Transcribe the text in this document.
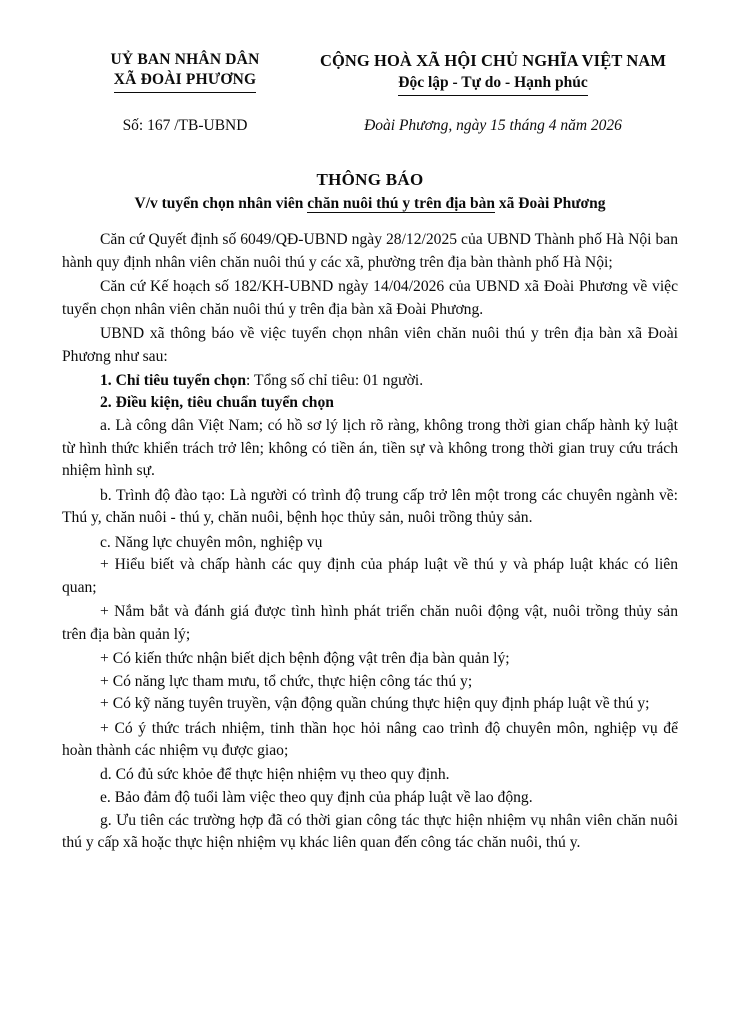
UỶ BAN NHÂN DÂN
XÃ ĐOÀI PHƯƠNG
CỘNG HOÀ XÃ HỘI CHỦ NGHĨA VIỆT NAM
Độc lập - Tự do - Hạnh phúc
Số: 167 /TB-UBND	Đoài Phương, ngày 15 tháng 4 năm 2026
THÔNG BÁO
V/v tuyển chọn nhân viên chăn nuôi thú y trên địa bàn xã Đoài Phương

Căn cứ Quyết định số 6049/QĐ-UBND ngày 28/12/2025 của UBND Thành phố Hà Nội ban hành quy định nhân viên chăn nuôi thú y các xã, phường trên địa bàn thành phố Hà Nội;

Căn cứ Kế hoạch số 182/KH-UBND ngày 14/04/2026 của UBND xã Đoài Phương về việc tuyển chọn nhân viên chăn nuôi thú y trên địa bàn xã Đoài Phương.

UBND xã thông báo về việc tuyển chọn nhân viên chăn nuôi thú y trên địa bàn xã Đoài Phương như sau:

1. Chỉ tiêu tuyển chọn: Tổng số chỉ tiêu: 01 người.

2. Điều kiện, tiêu chuẩn tuyển chọn

a. Là công dân Việt Nam; có hồ sơ lý lịch rõ ràng, không trong thời gian chấp hành kỷ luật từ hình thức khiển trách trở lên; không có tiền án, tiền sự và không trong thời gian truy cứu trách nhiệm hình sự.

b. Trình độ đào tạo: Là người có trình độ trung cấp trở lên một trong các chuyên ngành về: Thú y, chăn nuôi - thú y, chăn nuôi, bệnh học thủy sản, nuôi trồng thủy sản.

c. Năng lực chuyên môn, nghiệp vụ

+ Hiểu biết và chấp hành các quy định của pháp luật về thú y và pháp luật khác có liên quan;

+ Nắm bắt và đánh giá được tình hình phát triển chăn nuôi động vật, nuôi trồng thủy sản trên địa bàn quản lý;

+ Có kiến thức nhận biết dịch bệnh động vật trên địa bàn quản lý;

+ Có năng lực tham mưu, tổ chức, thực hiện công tác thú y;

+ Có kỹ năng tuyên truyền, vận động quần chúng thực hiện quy định pháp luật về thú y;

+ Có ý thức trách nhiệm, tinh thần học hỏi nâng cao trình độ chuyên môn, nghiệp vụ để hoàn thành các nhiệm vụ được giao;

d. Có đủ sức khỏe để thực hiện nhiệm vụ theo quy định.

e. Bảo đảm độ tuổi làm việc theo quy định của pháp luật về lao động.

g. Ưu tiên các trường hợp đã có thời gian công tác thực hiện nhiệm vụ nhân viên chăn nuôi thú y cấp xã hoặc thực hiện nhiệm vụ khác liên quan đến công tác chăn nuôi, thú y.
